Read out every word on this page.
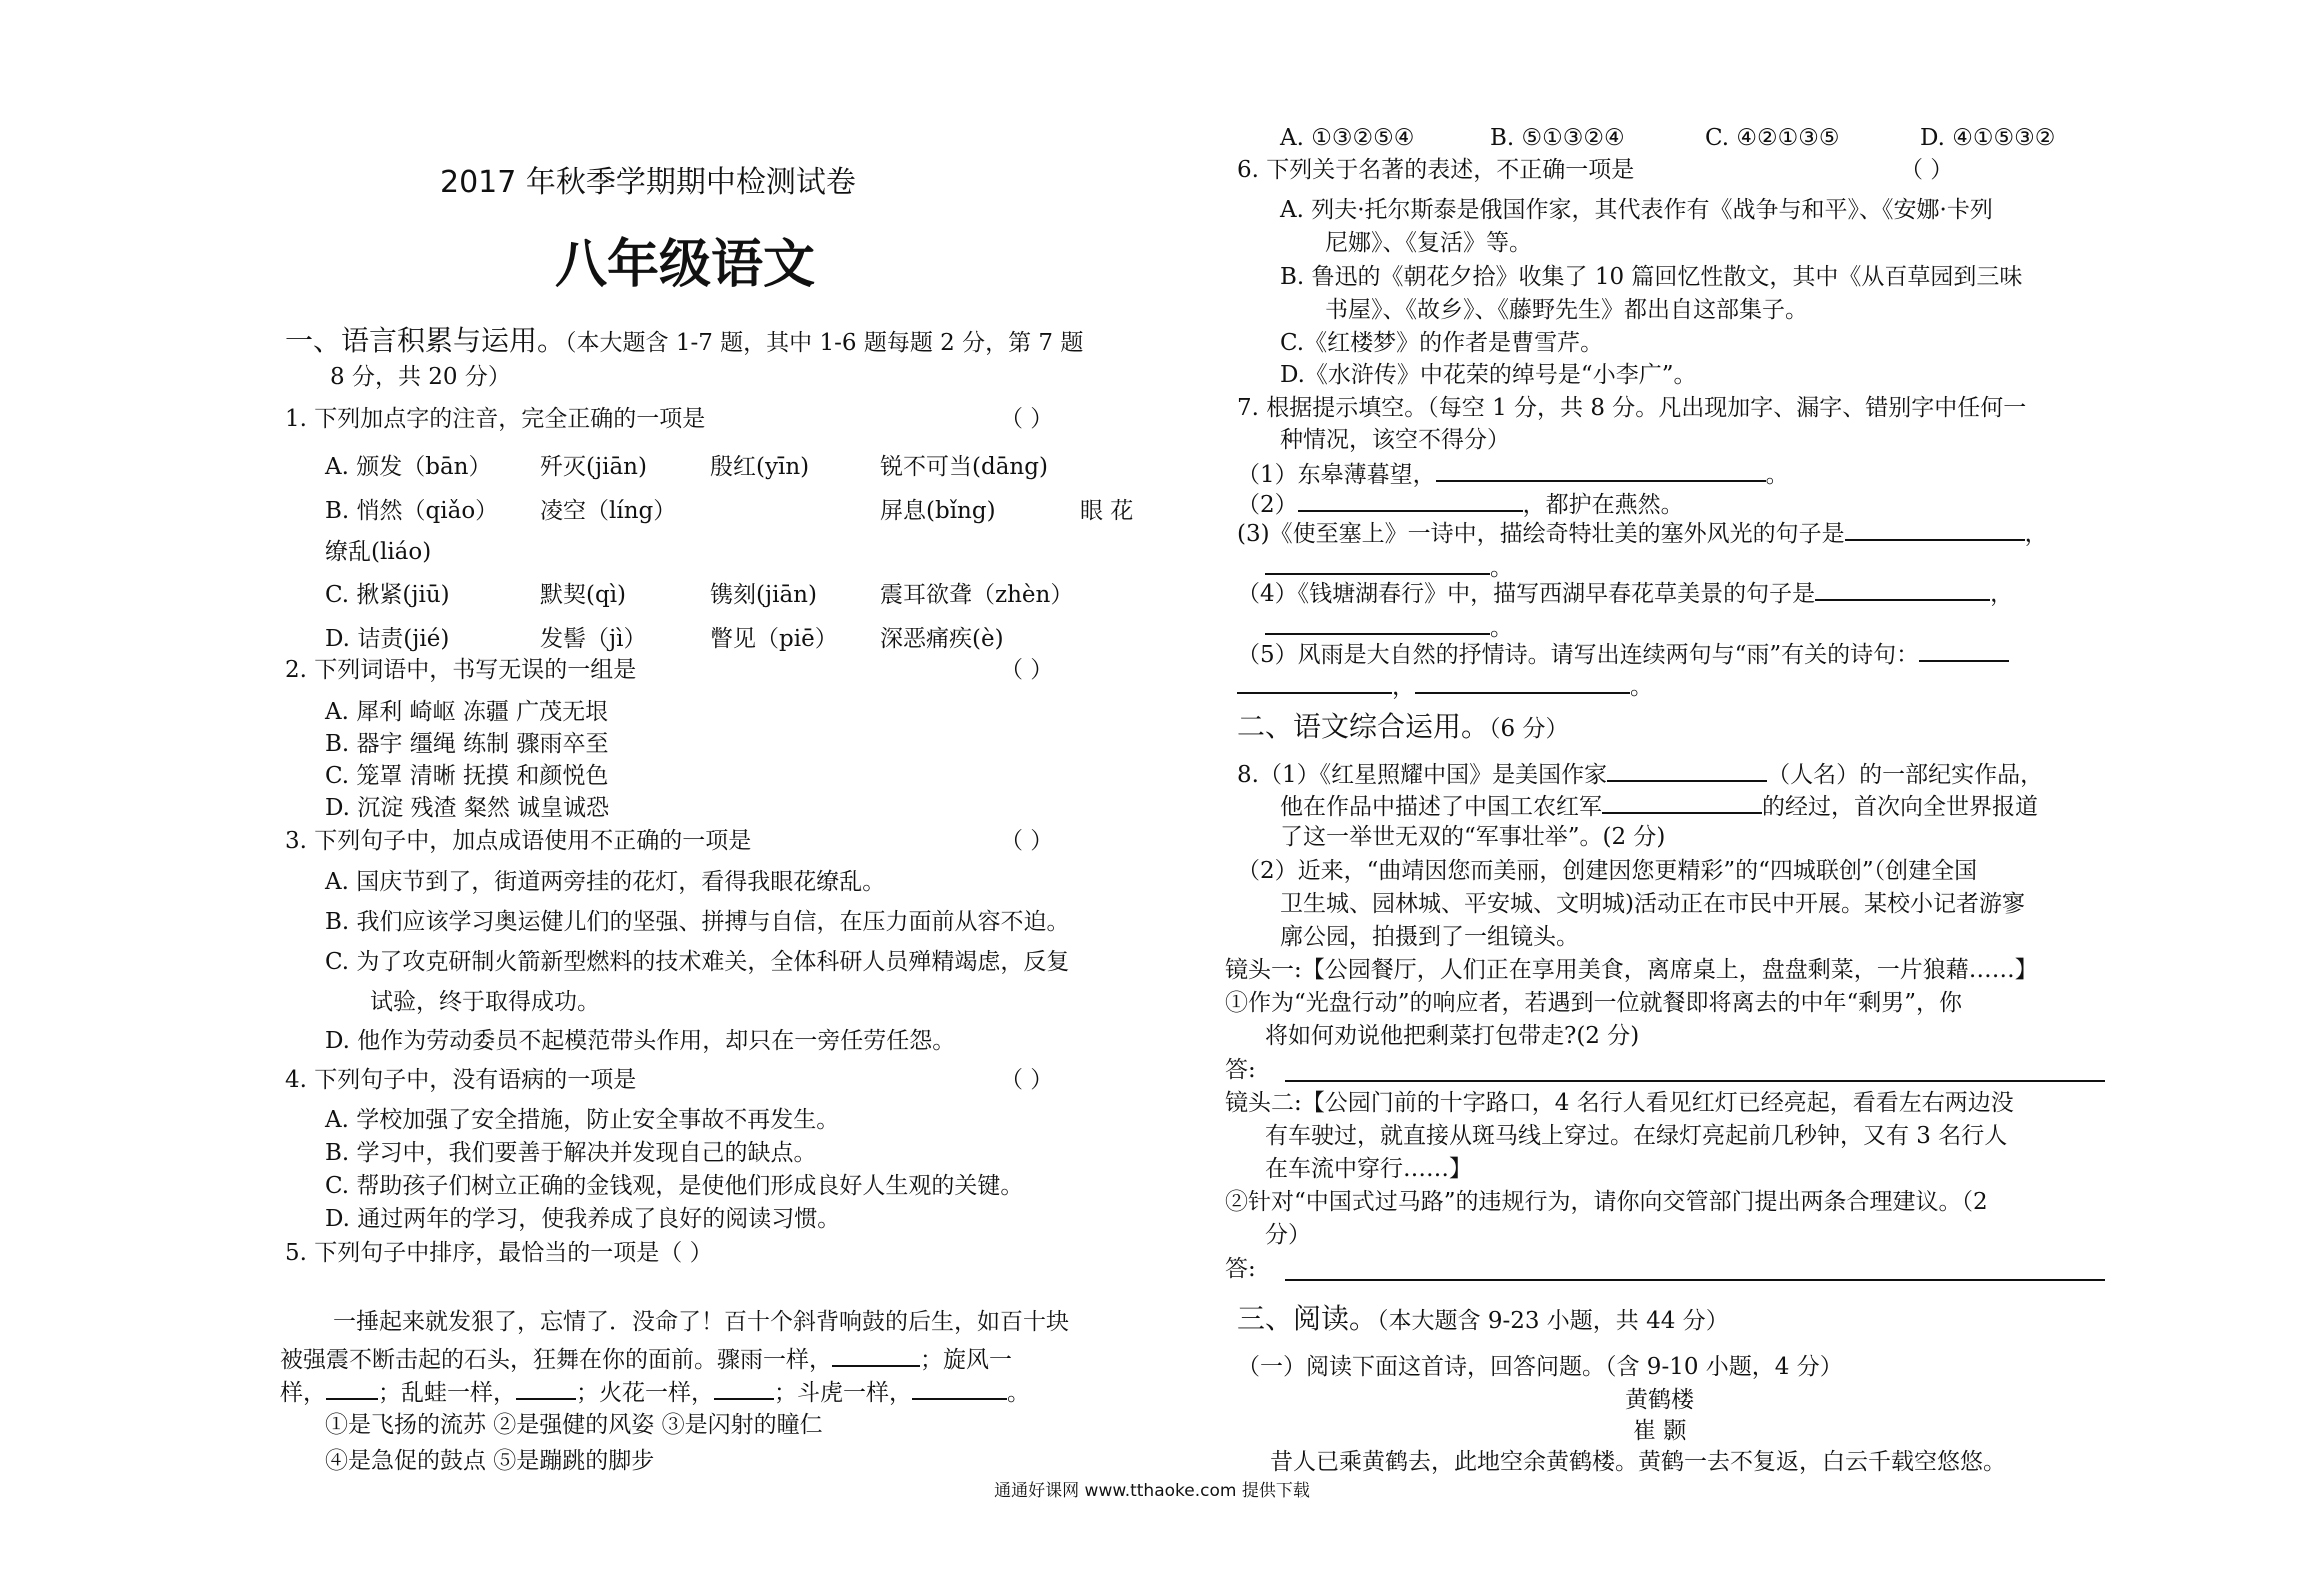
2017 年秋季学期期中检测试卷
八年级语文
一、语言积累与运用。（本大题含 1-7 题，其中 1-6 题每题 2 分，第 7 题
8 分，共 20 分）
1. 下列加点字的注音，完全正确的一项是	（ ）
A. 颁发（bān） 歼灭(jiān)	殷红(yīn)	锐不可当(dāng)
B. 悄然（qiǎo） 凌空（líng）	屏息(bǐng)	眼 花
缭乱(liáo)
C. 揪紧(jiū)	默契(qì)	镌刻(jiān)	震耳欲聋（zhèn）
D. 诘责(jié)	发髻（jì）	瞥见（piē） 深恶痛疾(è)
2. 下列词语中，书写无误的一组是	（ ）
A. 犀利 崎岖 冻疆 广茂无垠
B. 器宇 缰绳 练制 骤雨卒至
C. 笼罩 清晰 抚摸 和颜悦色
D. 沉淀 残渣 粲然 诚皇诚恐
3. 下列句子中，加点成语使用不正确的一项是	（ ）
A. 国庆节到了，街道两旁挂的花灯，看得我眼花缭乱。
B. 我们应该学习奥运健儿们的坚强、拼搏与自信，在压力面前从容不迫。
C. 为了攻克研制火箭新型燃料的技术难关，全体科研人员殚精竭虑，反复
试验，终于取得成功。
D. 他作为劳动委员不起模范带头作用，却只在一旁任劳任怨。
4. 下列句子中，没有语病的一项是	（ ）
A. 学校加强了安全措施，防止安全事故不再发生。
B. 学习中，我们要善于解决并发现自己的缺点。
C. 帮助孩子们树立正确的金钱观，是使他们形成良好人生观的关键。
D. 通过两年的学习，使我养成了良好的阅读习惯。
5. 下列句子中排序，最恰当的一项是（ ）
一捶起来就发狠了，忘情了．没命了！百十个斜背响鼓的后生，如百十块
被强震不断击起的石头，狂舞在你的面前。骤雨一样，	；旋风一
样， ；乱蛙一样，	；火花一样，	；斗虎一样，	。
①是飞扬的流苏 ②是强健的风姿 ③是闪射的瞳仁
④是急促的鼓点 ⑤是蹦跳的脚步
A. ①③②⑤④	B. ⑤①③②④	C. ④②①③⑤	D. ④①⑤③②
6. 下列关于名著的表述，不正确一项是	（ ）
A. 列夫·托尔斯泰是俄国作家，其代表作有《战争与和平》、《安娜·卡列
尼娜》、《复活》等。
B. 鲁迅的《朝花夕拾》收集了 10 篇回忆性散文，其中《从百草园到三味
书屋》、《故乡》、《藤野先生》都出自这部集子。
C.《红楼梦》的作者是曹雪芹。
D.《水浒传》中花荣的绰号是“小李广”。
7. 根据提示填空。（每空 1 分，共 8 分。凡出现加字、漏字、错别字中任何一
种情况，该空不得分）
（1）东皋薄暮望，	。
（2）	，都护在燕然。
(3)《使至塞上》一诗中，描绘奇特壮美的塞外风光的句子是	，
。
（4）《钱塘湖春行》中，描写西湖早春花草美景的句子是	，
。
（5）风雨是大自然的抒情诗。请写出连续两句与“雨”有关的诗句：
，	。
二、语文综合运用。（6 分）
8.（1）《红星照耀中国》是美国作家	（人名）的一部纪实作品，
他在作品中描述了中国工农红军	的经过，首次向全世界报道
了这一举世无双的“军事壮举”。(2 分)
（2）近来，“曲靖因您而美丽，创建因您更精彩”的“四城联创”（创建全国
卫生城、园林城、平安城、文明城)活动正在市民中开展。某校小记者游寥
廓公园，拍摄到了一组镜头。
镜头一:【公园餐厅，人们正在享用美食，离席桌上，盘盘剩菜，一片狼藉……】
①作为“光盘行动”的响应者，若遇到一位就餐即将离去的中年“剩男”，你
将如何劝说他把剩菜打包带走?(2 分)
答:
镜头二:【公园门前的十字路口，4 名行人看见红灯已经亮起，看看左右两边没
有车驶过，就直接从斑马线上穿过。在绿灯亮起前几秒钟，又有 3 名行人
在车流中穿行……】
②针对“中国式过马路”的违规行为，请你向交管部门提出两条合理建议。（2
分）
答:
三、阅读。（本大题含 9-23 小题，共 44 分）
（一）阅读下面这首诗，回答问题。（含 9-10 小题，4 分）
黄鹤楼
崔 颢
昔人已乘黄鹤去，此地空余黄鹤楼。黄鹤一去不复返，白云千载空悠悠。
通通好课网 www.tthaoke.com 提供下载
